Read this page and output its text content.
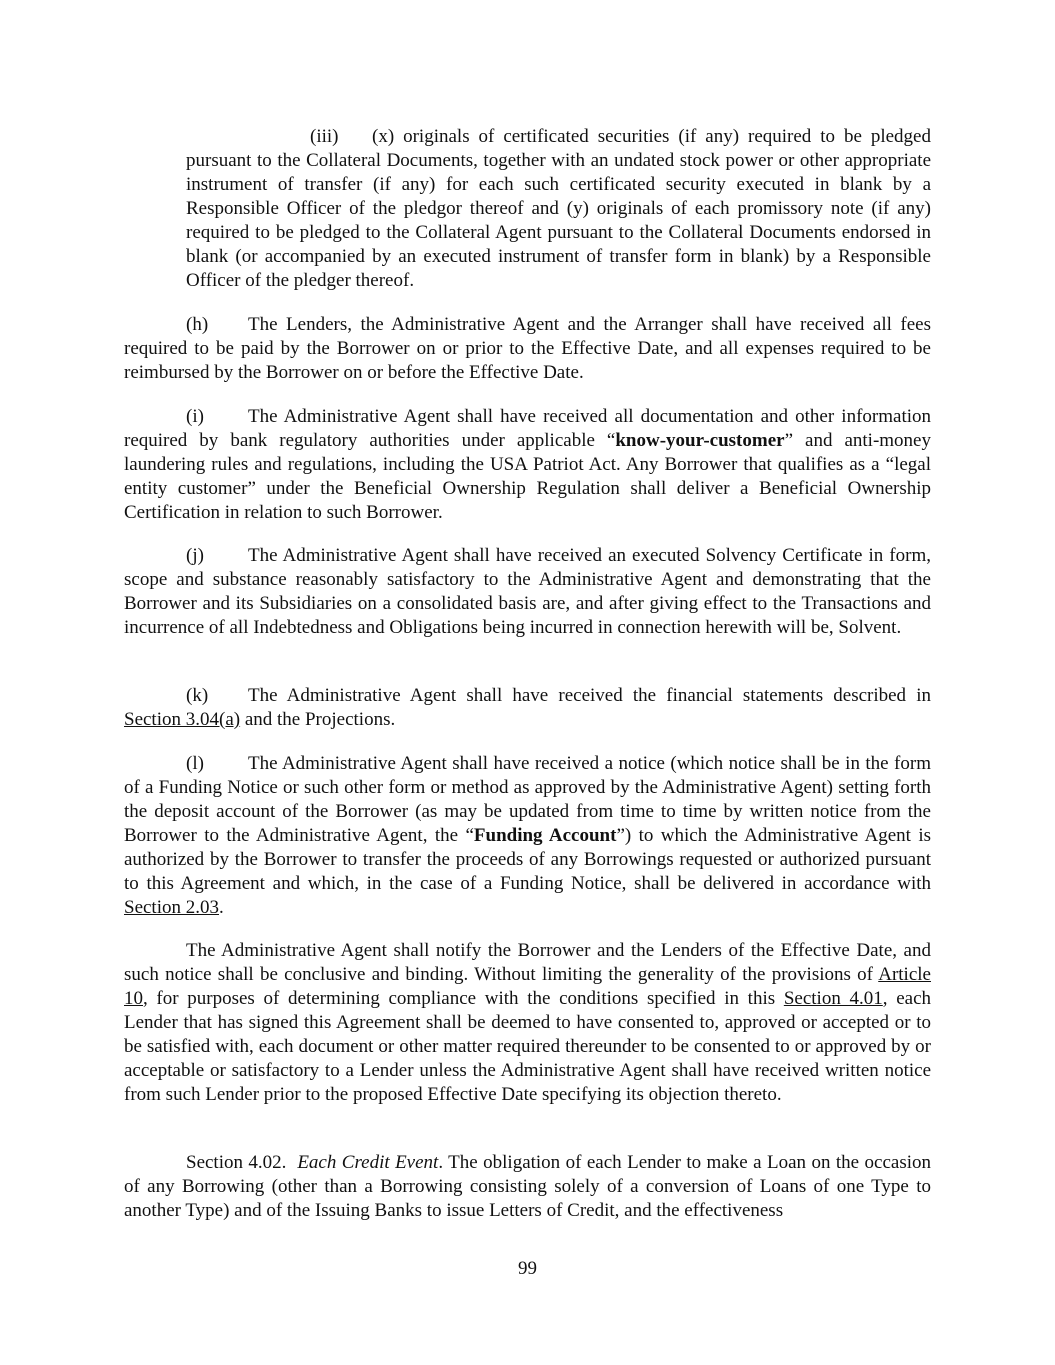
(iii) (x) originals of certificated securities (if any) required to be pledged pursuant to the Collateral Documents, together with an undated stock power or other appropriate instrument of transfer (if any) for each such certificated security executed in blank by a Responsible Officer of the pledgor thereof and (y) originals of each promissory note (if any) required to be pledged to the Collateral Agent pursuant to the Collateral Documents endorsed in blank (or accompanied by an executed instrument of transfer form in blank) by a Responsible Officer of the pledger thereof.

(h) The Lenders, the Administrative Agent and the Arranger shall have received all fees required to be paid by the Borrower on or prior to the Effective Date, and all expenses required to be reimbursed by the Borrower on or before the Effective Date.

(i) The Administrative Agent shall have received all documentation and other information required by bank regulatory authorities under applicable “know-your-customer” and anti-money laundering rules and regulations, including the USA Patriot Act. Any Borrower that qualifies as a “legal entity customer” under the Beneficial Ownership Regulation shall deliver a Beneficial Ownership Certification in relation to such Borrower.

(j) The Administrative Agent shall have received an executed Solvency Certificate in form, scope and substance reasonably satisfactory to the Administrative Agent and demonstrating that the Borrower and its Subsidiaries on a consolidated basis are, and after giving effect to the Transactions and incurrence of all Indebtedness and Obligations being incurred in connection herewith will be, Solvent.

(k) The Administrative Agent shall have received the financial statements described in Section 3.04(a) and the Projections.

(l) The Administrative Agent shall have received a notice (which notice shall be in the form of a Funding Notice or such other form or method as approved by the Administrative Agent) setting forth the deposit account of the Borrower (as may be updated from time to time by written notice from the Borrower to the Administrative Agent, the “Funding Account”) to which the Administrative Agent is authorized by the Borrower to transfer the proceeds of any Borrowings requested or authorized pursuant to this Agreement and which, in the case of a Funding Notice, shall be delivered in accordance with Section 2.03.

The Administrative Agent shall notify the Borrower and the Lenders of the Effective Date, and such notice shall be conclusive and binding. Without limiting the generality of the provisions of Article 10, for purposes of determining compliance with the conditions specified in this Section 4.01, each Lender that has signed this Agreement shall be deemed to have consented to, approved or accepted or to be satisfied with, each document or other matter required thereunder to be consented to or approved by or acceptable or satisfactory to a Lender unless the Administrative Agent shall have received written notice from such Lender prior to the proposed Effective Date specifying its objection thereto.

Section 4.02. Each Credit Event. The obligation of each Lender to make a Loan on the occasion of any Borrowing (other than a Borrowing consisting solely of a conversion of Loans of one Type to another Type) and of the Issuing Banks to issue Letters of Credit, and the effectiveness

99
